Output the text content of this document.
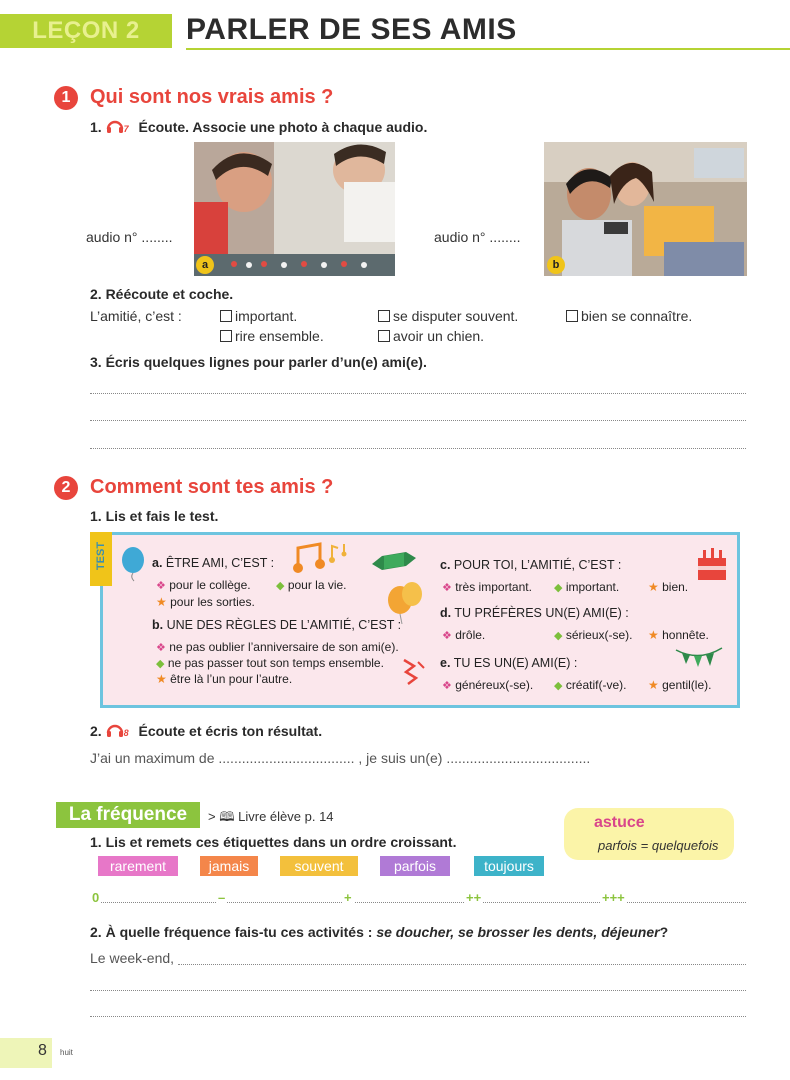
LEÇON 2	PARLER DE SES AMIS
1 Qui sont nos vrais amis ?
1. 7 Écoute. Associe une photo à chaque audio.
audio n° ........
a
audio n° ........
b
2. Réécoute et coche.
L’amitié, c’est :	important.	se disputer souvent.	bien se connaître.
rire ensemble.	avoir un chien.
3. Écris quelques lignes pour parler d’un(e) ami(e).
2 Comment sont tes amis ?
1. Lis et fais le test.
TEST	a. ÊTRE AMI, C’EST :
❖ pour le collège. ◆ pour la vie.
★ pour les sorties.
b. UNE DES RÈGLES DE L’AMITIÉ, C’EST :
❖ ne pas oublier l’anniversaire de son ami(e).
◆ ne pas passer tout son temps ensemble.
★ être là l’un pour l’autre.
c. POUR TOI, L’AMITIÉ, C’EST :
❖ très important. ◆ important. ★ bien.
d. TU PRÉFÈRES UN(E) AMI(E) :
❖ drôle.	◆ sérieux(-se). ★ honnête.
e. TU ES UN(E) AMI(E) :
❖ généreux(-se). ◆ créatif(-ve). ★ gentil(le).
2. 8 Écoute et écris ton résultat.
J’ai un maximum de ................................... , je suis un(e) .....................................
La fréquence	> 🕮 Livre élève p. 14	astuce
parfois = quelquefois
1. Lis et remets ces étiquettes dans un ordre croissant.
rarement	jamais	souvent	parfois	toujours
0	–	+	++	+++
2. À quelle fréquence fais-tu ces activités : se doucher, se brosser les dents, déjeuner?
Le week-end,
8 huit
